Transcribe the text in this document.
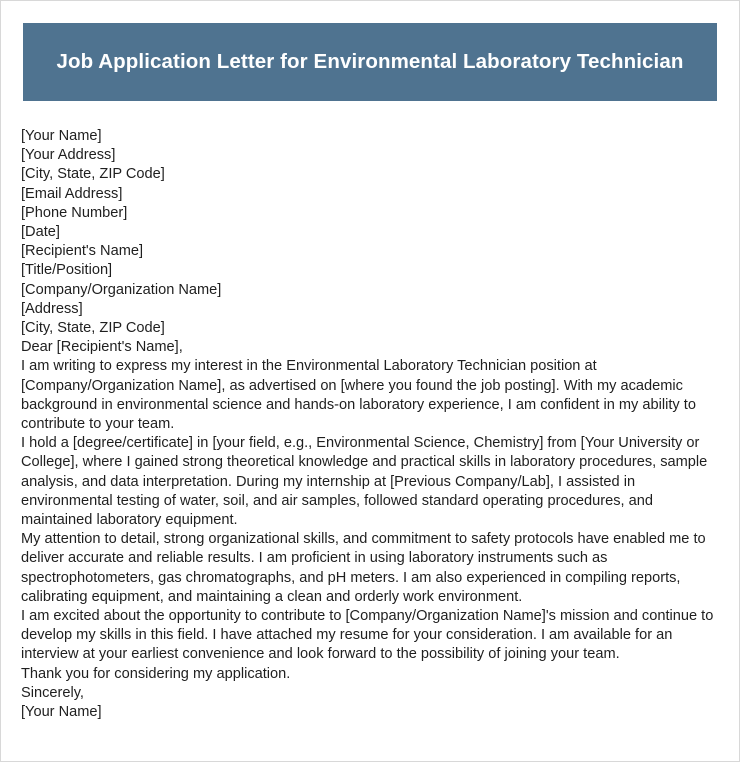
Job Application Letter for Environmental Laboratory Technician

[Your Name]

[Your Address]

[City, State, ZIP Code]

[Email Address]

[Phone Number]

[Date]

[Recipient's Name]

[Title/Position]

[Company/Organization Name]

[Address]

[City, State, ZIP Code]

Dear [Recipient's Name],

I am writing to express my interest in the Environmental Laboratory Technician position at [Company/Organization Name], as advertised on [where you found the job posting]. With my academic background in environmental science and hands-on laboratory experience, I am confident in my ability to contribute to your team.

I hold a [degree/certificate] in [your field, e.g., Environmental Science, Chemistry] from [Your University or College], where I gained strong theoretical knowledge and practical skills in laboratory procedures, sample analysis, and data interpretation. During my internship at [Previous Company/Lab], I assisted in environmental testing of water, soil, and air samples, followed standard operating procedures, and maintained laboratory equipment.

My attention to detail, strong organizational skills, and commitment to safety protocols have enabled me to deliver accurate and reliable results. I am proficient in using laboratory instruments such as spectrophotometers, gas chromatographs, and pH meters. I am also experienced in compiling reports, calibrating equipment, and maintaining a clean and orderly work environment.

I am excited about the opportunity to contribute to [Company/Organization Name]'s mission and continue to develop my skills in this field. I have attached my resume for your consideration. I am available for an interview at your earliest convenience and look forward to the possibility of joining your team.

Thank you for considering my application.

Sincerely,

[Your Name]
